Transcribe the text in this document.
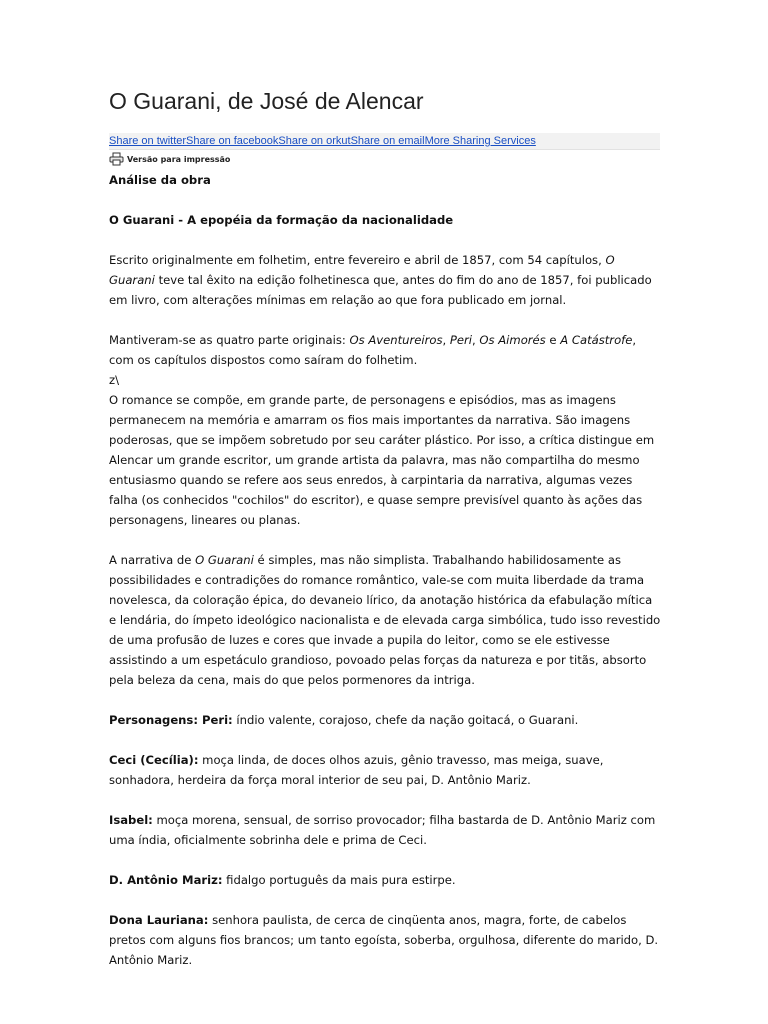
O Guarani, de José de Alencar
Share on twitterShare on facebookShare on orkutShare on emailMore Sharing Services
Versão para impressão

Análise da obra

O Guarani - A epopéia da formação da nacionalidade

Escrito originalmente em folhetim, entre fevereiro e abril de 1857, com 54 capítulos, O Guarani teve tal êxito na edição folhetinesca que, antes do fim do ano de 1857, foi publicado em livro, com alterações mínimas em relação ao que fora publicado em jornal.

Mantiveram-se as quatro parte originais: Os Aventureiros, Peri, Os Aimorés e A Catástrofe, com os capítulos dispostos como saíram do folhetim.

z\

O romance se compõe, em grande parte, de personagens e episódios, mas as imagens permanecem na memória e amarram os fios mais importantes da narrativa. São imagens poderosas, que se impõem sobretudo por seu caráter plástico. Por isso, a crítica distingue em Alencar um grande escritor, um grande artista da palavra, mas não compartilha do mesmo entusiasmo quando se refere aos seus enredos, à carpintaria da narrativa, algumas vezes falha (os conhecidos "cochilos" do escritor), e quase sempre previsível quanto às ações das personagens, lineares ou planas.

A narrativa de O Guarani é simples, mas não simplista. Trabalhando habilidosamente as possibilidades e contradições do romance romântico, vale-se com muita liberdade da trama novelesca, da coloração épica, do devaneio lírico, da anotação histórica da efabulação mítica e lendária, do ímpeto ideológico nacionalista e de elevada carga simbólica, tudo isso revestido de uma profusão de luzes e cores que invade a pupila do leitor, como se ele estivesse assistindo a um espetáculo grandioso, povoado pelas forças da natureza e por titãs, absorto pela beleza da cena, mais do que pelos pormenores da intriga.

Personagens: Peri: índio valente, corajoso, chefe da nação goitacá, o Guarani.

Ceci (Cecília): moça linda, de doces olhos azuis, gênio travesso, mas meiga, suave, sonhadora, herdeira da força moral interior de seu pai, D. Antônio Mariz.

Isabel: moça morena, sensual, de sorriso provocador; filha bastarda de D. Antônio Mariz com uma índia, oficialmente sobrinha dele e prima de Ceci.

D. Antônio Mariz: fidalgo português da mais pura estirpe.

Dona Lauriana: senhora paulista, de cerca de cinqüenta anos, magra, forte, de cabelos pretos com alguns fios brancos; um tanto egoísta, soberba, orgulhosa, diferente do marido, D. Antônio Mariz.
